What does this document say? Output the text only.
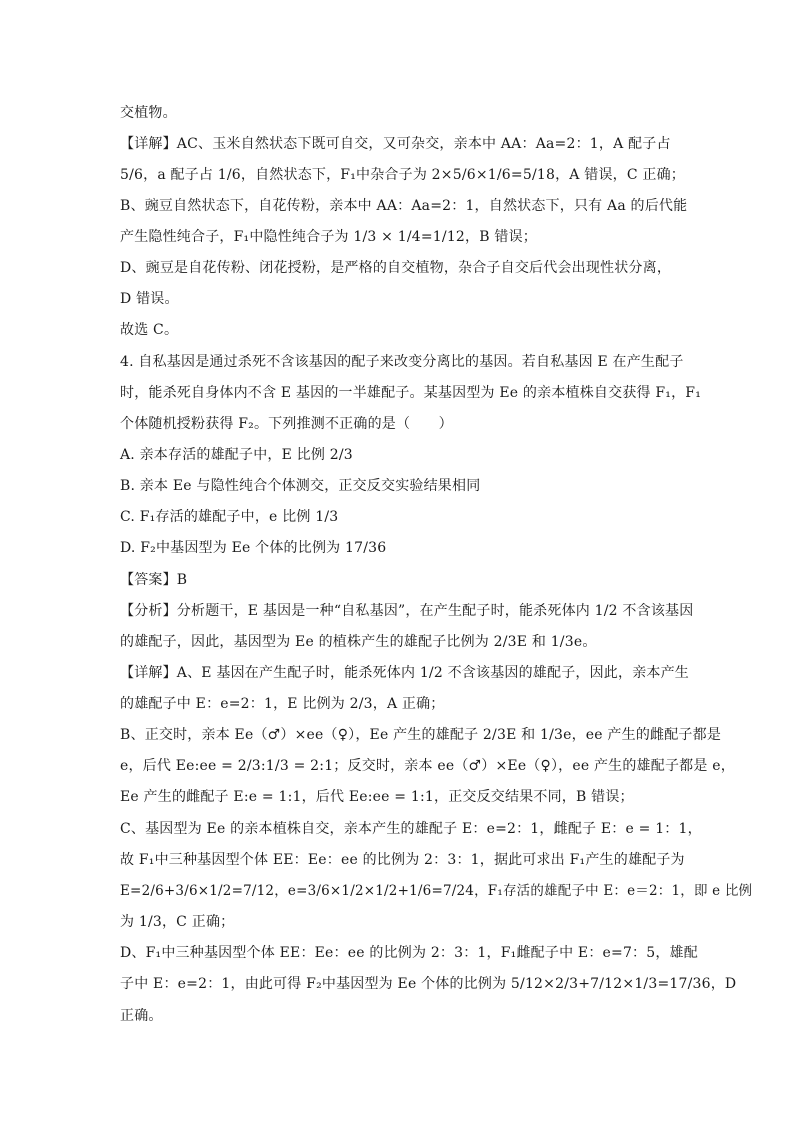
交植物。
【详解】AC、玉米自然状态下既可自交，又可杂交，亲本中 AA：Aa=2：1，A 配子占
5/6，a 配子占 1/6，自然状态下，F₁中杂合子为 2×5/6×1/6=5/18，A 错误，C 正确；
B、豌豆自然状态下，自花传粉，亲本中 AA：Aa=2：1，自然状态下，只有 Aa 的后代能
产生隐性纯合子，F₁中隐性纯合子为 1/3 × 1/4=1/12，B 错误；
D、豌豆是自花传粉、闭花授粉，是严格的自交植物，杂合子自交后代会出现性状分离，
D 错误。
故选 C。
4. 自私基因是通过杀死不含该基因的配子来改变分离比的基因。若自私基因 E 在产生配子
时，能杀死自身体内不含 E 基因的一半雄配子。某基因型为 Ee 的亲本植株自交获得 F₁，F₁
个体随机授粉获得 F₂。下列推测不正确的是（　　）
A. 亲本存活的雄配子中，E 比例 2/3
B. 亲本 Ee 与隐性纯合个体测交，正交反交实验结果相同
C. F₁存活的雄配子中，e 比例 1/3
D. F₂中基因型为 Ee 个体的比例为 17/36
【答案】B
【分析】分析题干，E 基因是一种“自私基因”，在产生配子时，能杀死体内 1/2 不含该基因
的雄配子，因此，基因型为 Ee 的植株产生的雄配子比例为 2/3E 和 1/3e。
【详解】A、E 基因在产生配子时，能杀死体内 1/2 不含该基因的雄配子，因此，亲本产生
的雄配子中 E：e=2：1，E 比例为 2/3，A 正确；
B、正交时，亲本 Ee（♂）×ee（♀），Ee 产生的雄配子 2/3E 和 1/3e，ee 产生的雌配子都是
e，后代 Ee:ee = 2/3:1/3 = 2:1；反交时，亲本 ee（♂）×Ee（♀），ee 产生的雄配子都是 e，
Ee 产生的雌配子 E:e = 1:1，后代 Ee:ee = 1:1，正交反交结果不同，B 错误；
C、基因型为 Ee 的亲本植株自交，亲本产生的雄配子 E：e=2：1，雌配子 E：e = 1：1，
故 F₁中三种基因型个体 EE：Ee：ee 的比例为 2：3：1，据此可求出 F₁产生的雄配子为
E=2/6+3/6×1/2=7/12，e=3/6×1/2×1/2+1/6=7/24，F₁存活的雄配子中 E：e＝2：1，即 e 比例
为 1/3，C 正确；
D、F₁中三种基因型个体 EE：Ee：ee 的比例为 2：3：1，F₁雌配子中 E：e=7：5，雄配
子中 E：e=2：1，由此可得 F₂中基因型为 Ee 个体的比例为 5/12×2/3+7/12×1/3=17/36，D
正确。
